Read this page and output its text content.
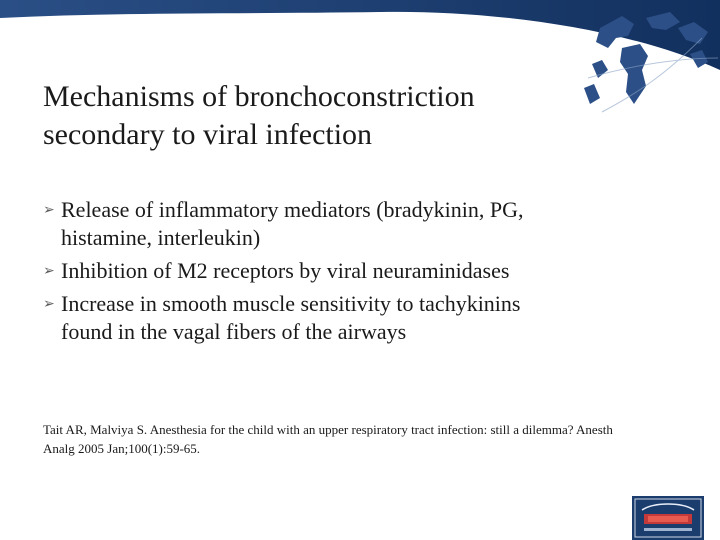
Mechanisms of bronchoconstriction
secondary to viral infection
➢ Release of inflammatory mediators (bradykinin, PG,
histamine, interleukin)
➢ Inhibition of M2 receptors by viral neuraminidases
➢ Increase in smooth muscle sensitivity to tachykinins
found in the vagal fibers of the airways
Tait AR, Malviya S. Anesthesia for the child with an upper respiratory tract infection: still a dilemma? Anesth
Analg 2005 Jan;100(1):59-65.
